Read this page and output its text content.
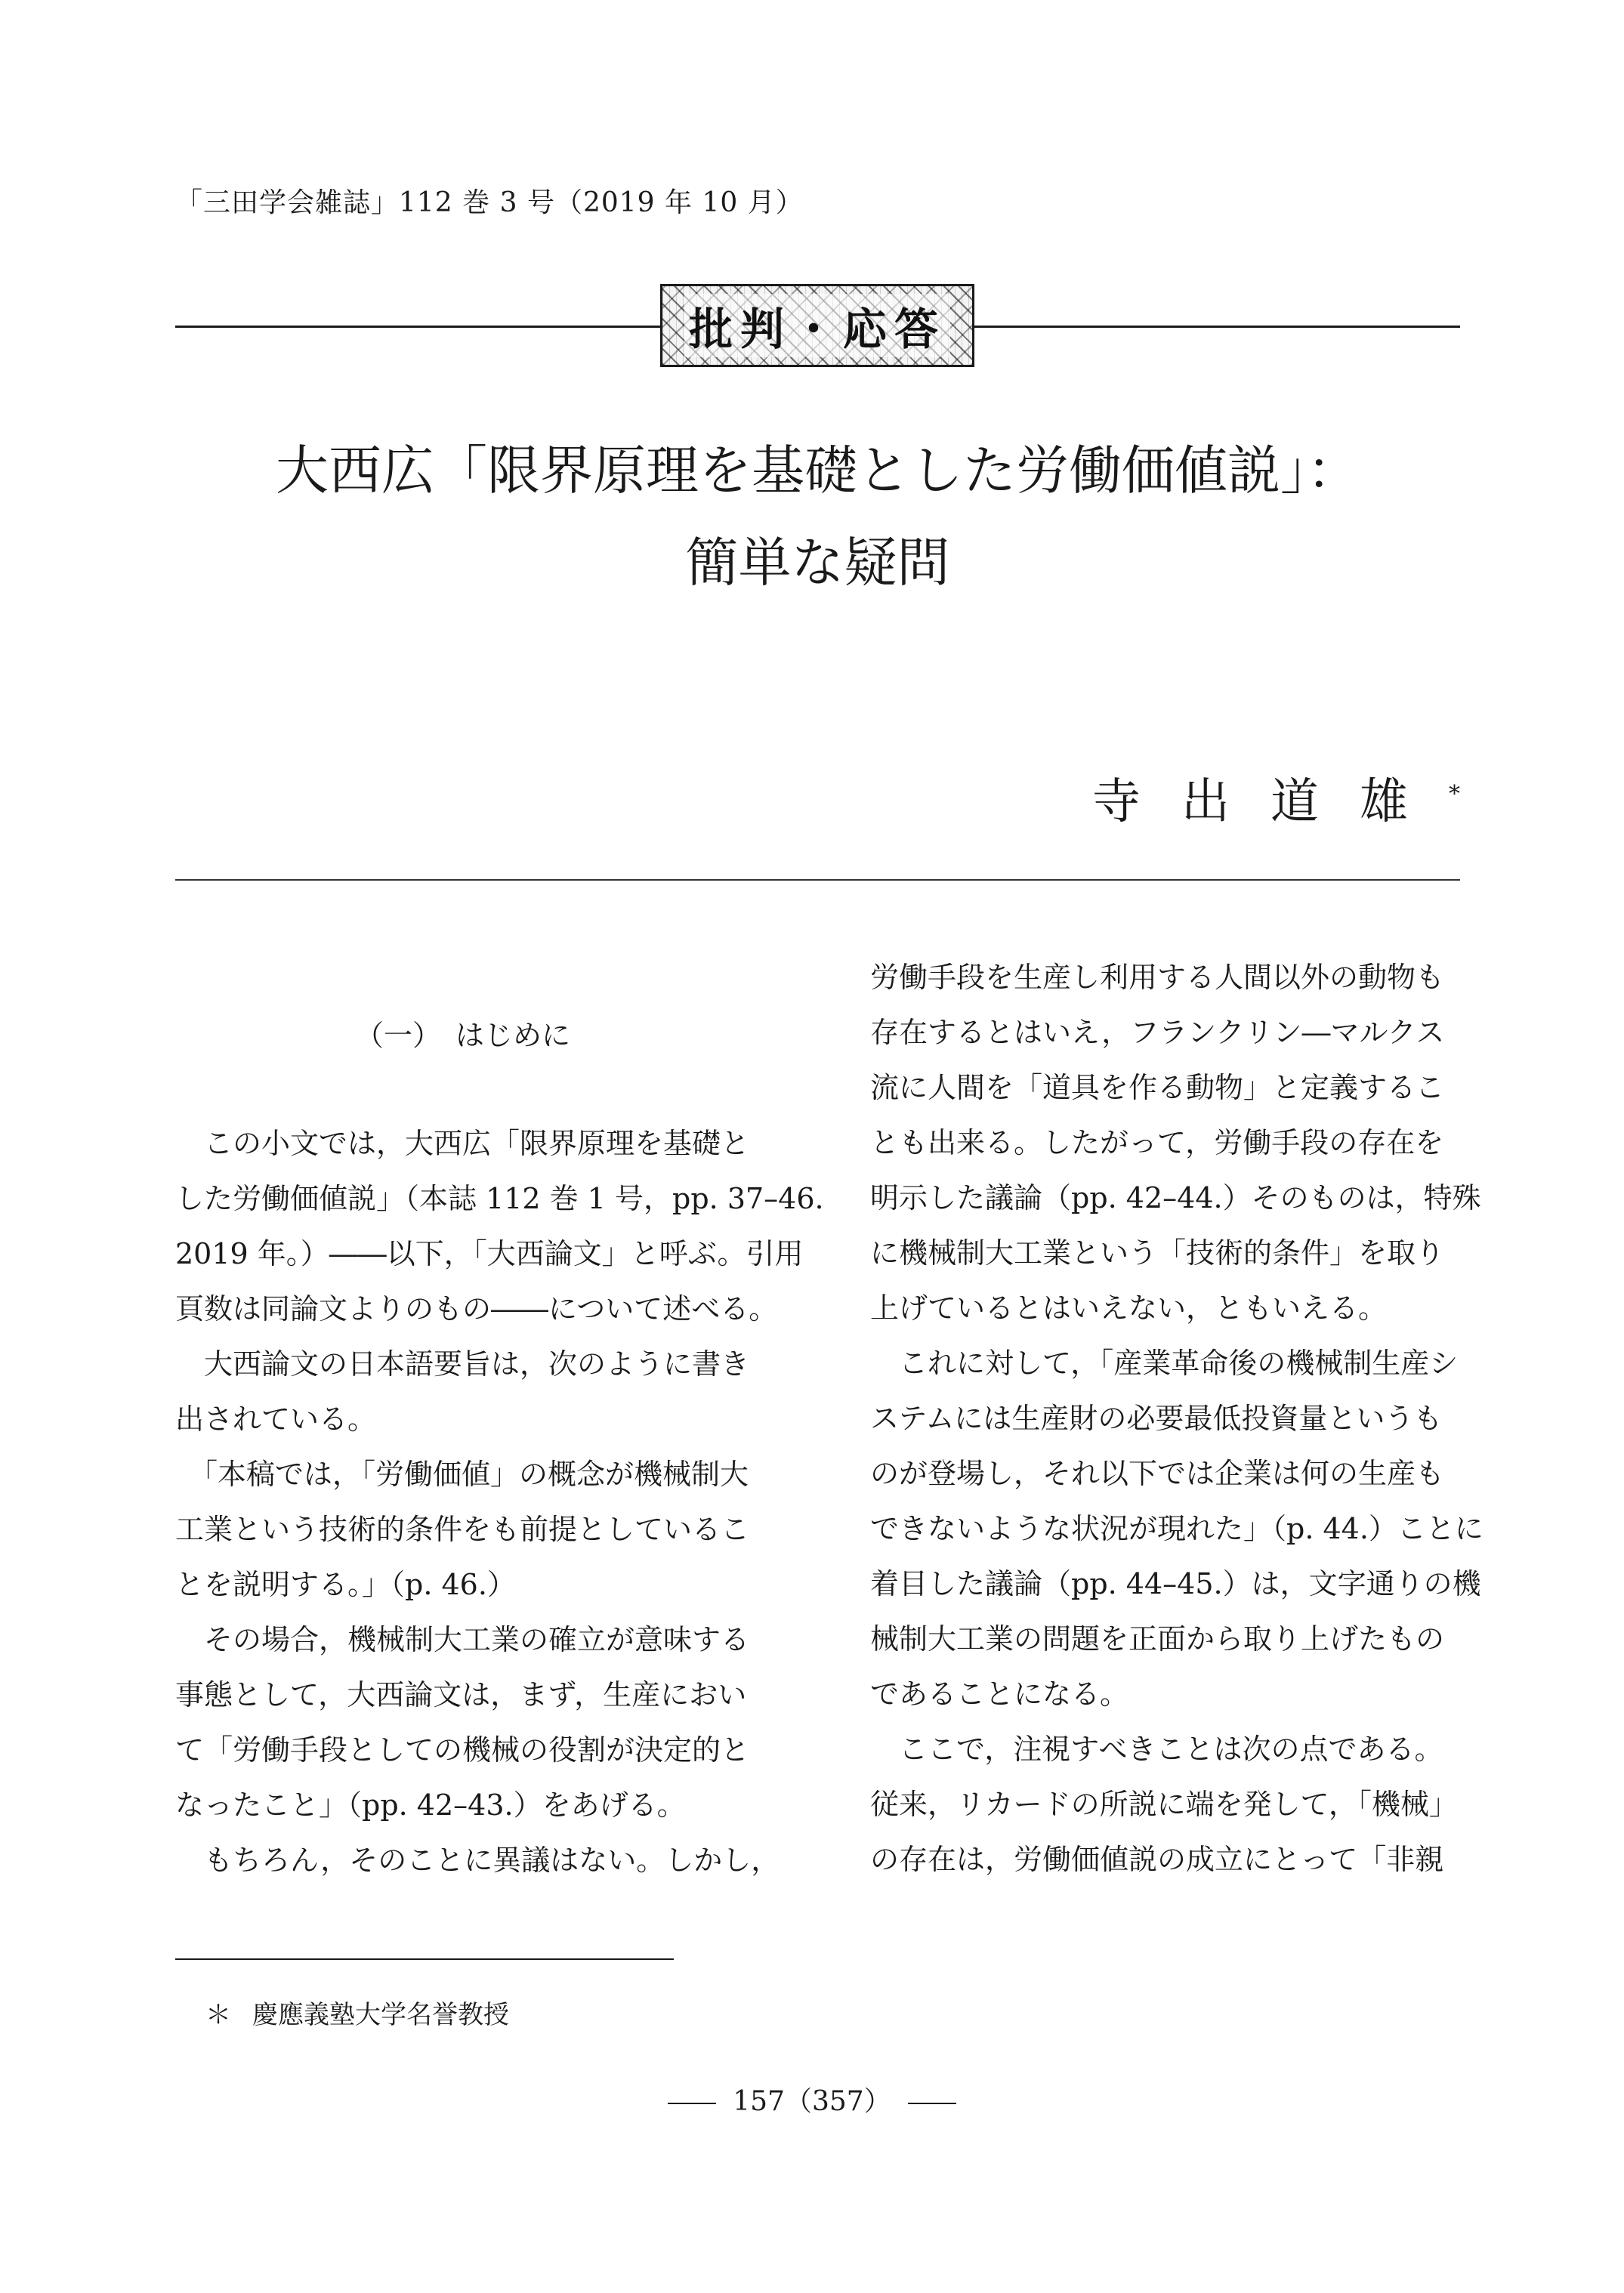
「三田学会雑誌」112 巻 3 号（2019 年 10 月）
批判・応答
大西広「限界原理を基礎とした労働価値説」：
簡単な疑問
寺出道雄*
（一）　はじめに
この小文では，大西広「限界原理を基礎と
した労働価値説」（本誌 112 巻 1 号，pp. 37–46.
2019 年。）――以下，「大西論文」と呼ぶ。引用
頁数は同論文よりのもの――について述べる。
大西論文の日本語要旨は，次のように書き
出されている。
「本稿では，「労働価値」の概念が機械制大
工業という技術的条件をも前提としているこ
とを説明する。」（p. 46.）
その場合，機械制大工業の確立が意味する
事態として，大西論文は，まず，生産におい
て「労働手段としての機械の役割が決定的と
なったこと」（pp. 42–43.）をあげる。
もちろん，そのことに異議はない。しかし，
労働手段を生産し利用する人間以外の動物も
存在するとはいえ，フランクリン―マルクス
流に人間を「道具を作る動物」と定義するこ
とも出来る。したがって，労働手段の存在を
明示した議論（pp. 42–44.）そのものは，特殊
に機械制大工業という「技術的条件」を取り
上げているとはいえない，ともいえる。
これに対して，「産業革命後の機械制生産シ
ステムには生産財の必要最低投資量というも
のが登場し，それ以下では企業は何の生産も
できないような状況が現れた」（p. 44.）ことに
着目した議論（pp. 44–45.）は，文字通りの機
械制大工業の問題を正面から取り上げたもの
であることになる。
ここで，注視すべきことは次の点である。
従来，リカードの所説に端を発して，「機械」
の存在は，労働価値説の成立にとって「非親
＊ 慶應義塾大学名誉教授
157（357）
